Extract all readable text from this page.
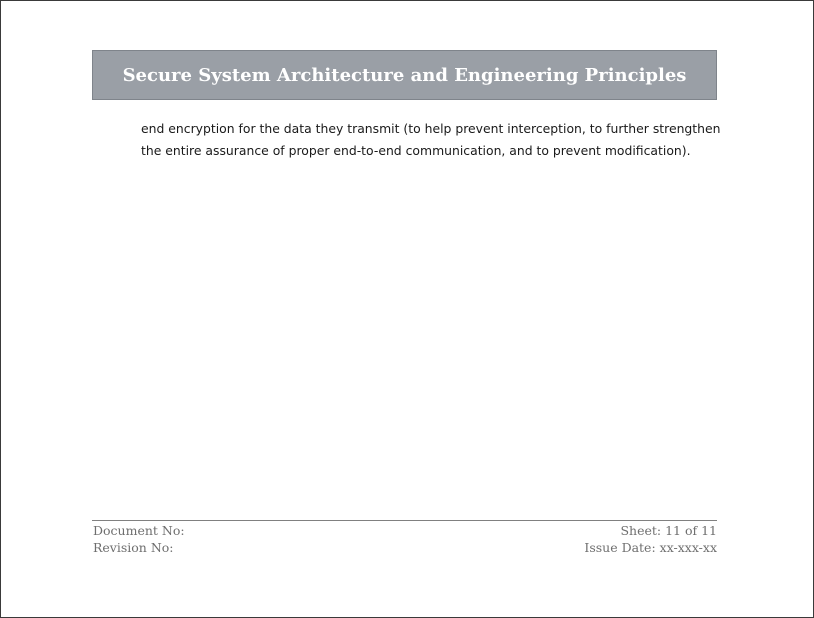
Secure System Architecture and Engineering Principles
end encryption for the data they transmit (to help prevent interception, to further strengthen
the entire assurance of proper end-to-end communication, and to prevent modification).
Document No:
Revision No:
Sheet: 11 of 11
Issue Date: xx-xxx-xx
